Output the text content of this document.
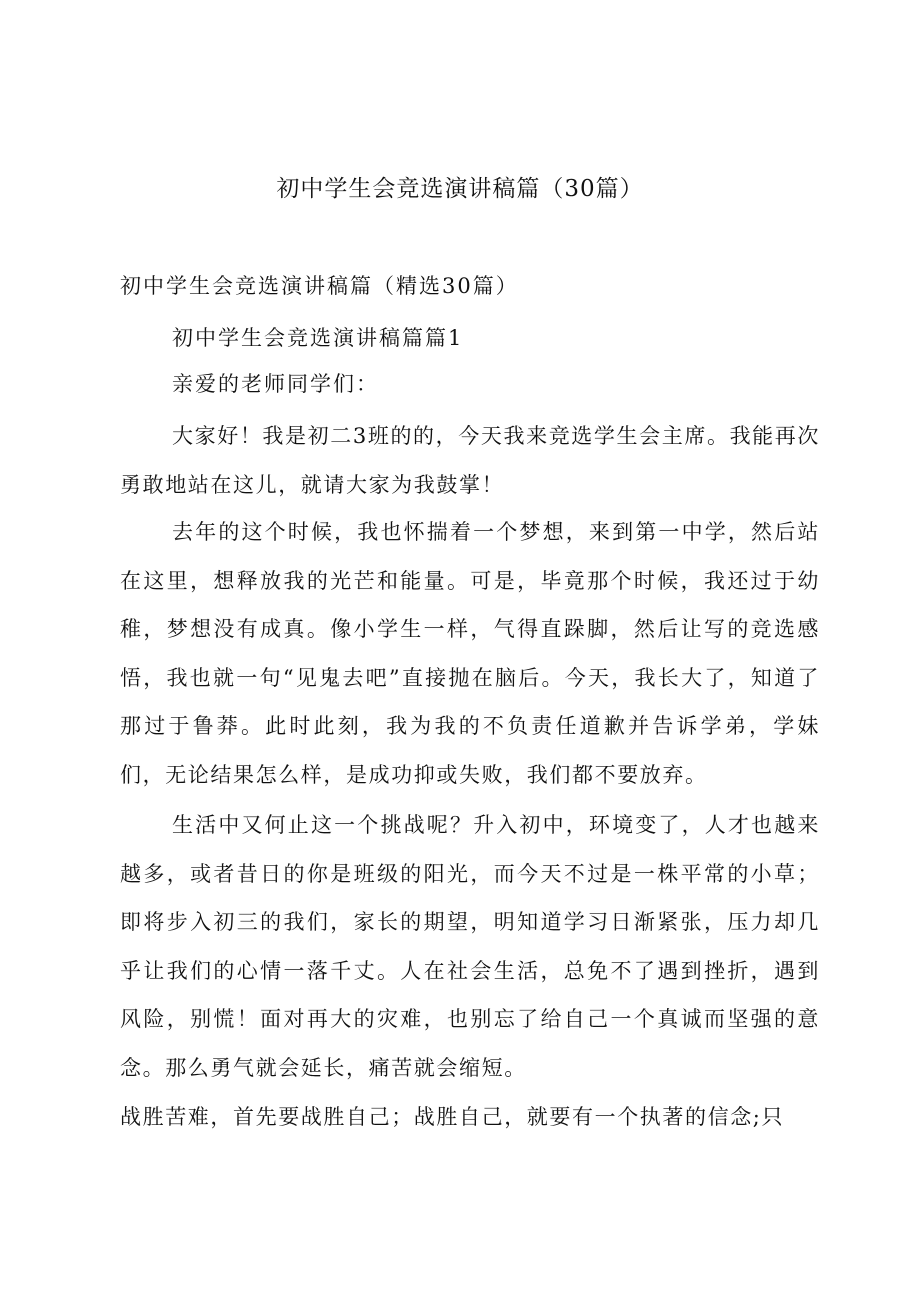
初中学生会竞选演讲稿篇（30篇）
初中学生会竞选演讲稿篇（精选30篇）
初中学生会竞选演讲稿篇篇1
亲爱的老师同学们：

大家好！我是初二3班的的，今天我来竞选学生会主席。我能再次勇敢地站在这儿，就请大家为我鼓掌！

去年的这个时候，我也怀揣着一个梦想，来到第一中学，然后站在这里，想释放我的光芒和能量。可是，毕竟那个时候，我还过于幼稚，梦想没有成真。像小学生一样，气得直跺脚，然后让写的竞选感悟，我也就一句“见鬼去吧”直接抛在脑后。今天，我长大了，知道了那过于鲁莽。此时此刻，我为我的不负责任道歉并告诉学弟，学妹们，无论结果怎么样，是成功抑或失败，我们都不要放弃。

生活中又何止这一个挑战呢？升入初中，环境变了，人才也越来越多，或者昔日的你是班级的阳光，而今天不过是一株平常的小草；即将步入初三的我们，家长的期望，明知道学习日渐紧张，压力却几乎让我们的心情一落千丈。人在社会生活，总免不了遇到挫折，遇到风险，别慌！面对再大的灾难，也别忘了给自己一个真诚而坚强的意念。那么勇气就会延长，痛苦就会缩短。

战胜苦难，首先要战胜自己；战胜自己，就要有一个执著的信念;只
